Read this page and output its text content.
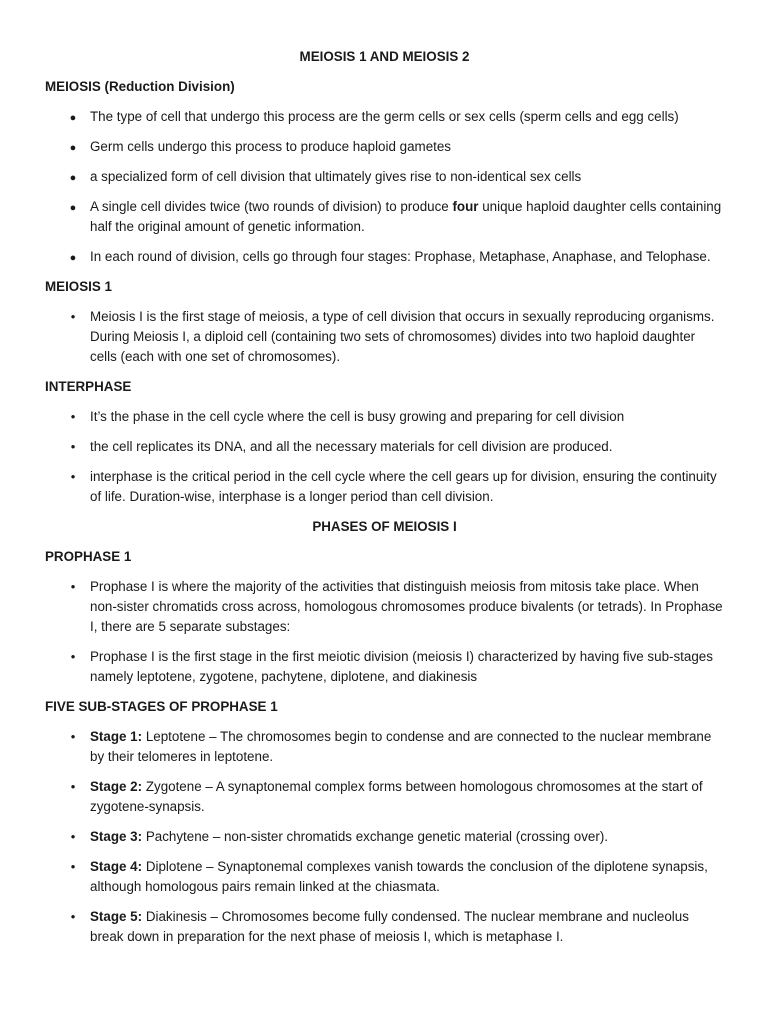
MEIOSIS 1 AND MEIOSIS 2
MEIOSIS (Reduction Division)
●
The type of cell that undergo this process are the germ cells or sex cells (sperm cells and egg cells)
●
Germ cells undergo this process to produce haploid gametes
●
a specialized form of cell division that ultimately gives rise to non-identical sex cells
●
A single cell divides twice (two rounds of division) to produce four unique haploid daughter cells containing half the original amount of genetic information.
●
In each round of division, cells go through four stages: Prophase, Metaphase, Anaphase, and Telophase.
MEIOSIS 1
•
Meiosis I is the first stage of meiosis, a type of cell division that occurs in sexually reproducing organisms. During Meiosis I, a diploid cell (containing two sets of chromosomes) divides into two haploid daughter cells (each with one set of chromosomes).
INTERPHASE
•
It’s the phase in the cell cycle where the cell is busy growing and preparing for cell division
•
the cell replicates its DNA, and all the necessary materials for cell division are produced.
•
interphase is the critical period in the cell cycle where the cell gears up for division, ensuring the continuity of life. Duration-wise, interphase is a longer period than cell division.
PHASES OF MEIOSIS I
PROPHASE 1
•
Prophase I is where the majority of the activities that distinguish meiosis from mitosis take place. When non-sister chromatids cross across, homologous chromosomes produce bivalents (or tetrads). In Prophase I, there are 5 separate substages:
•
Prophase I is the first stage in the first meiotic division (meiosis I) characterized by having five sub-stages namely leptotene, zygotene, pachytene, diplotene, and diakinesis
FIVE SUB-STAGES OF PROPHASE 1
•
Stage 1: Leptotene – The chromosomes begin to condense and are connected to the nuclear membrane by their telomeres in leptotene.
•
Stage 2: Zygotene – A synaptonemal complex forms between homologous chromosomes at the start of zygotene-synapsis.
•
Stage 3: Pachytene – non-sister chromatids exchange genetic material (crossing over).
•
Stage 4: Diplotene – Synaptonemal complexes vanish towards the conclusion of the diplotene synapsis, although homologous pairs remain linked at the chiasmata.
•
Stage 5: Diakinesis – Chromosomes become fully condensed. The nuclear membrane and nucleolus break down in preparation for the next phase of meiosis I, which is metaphase I.
